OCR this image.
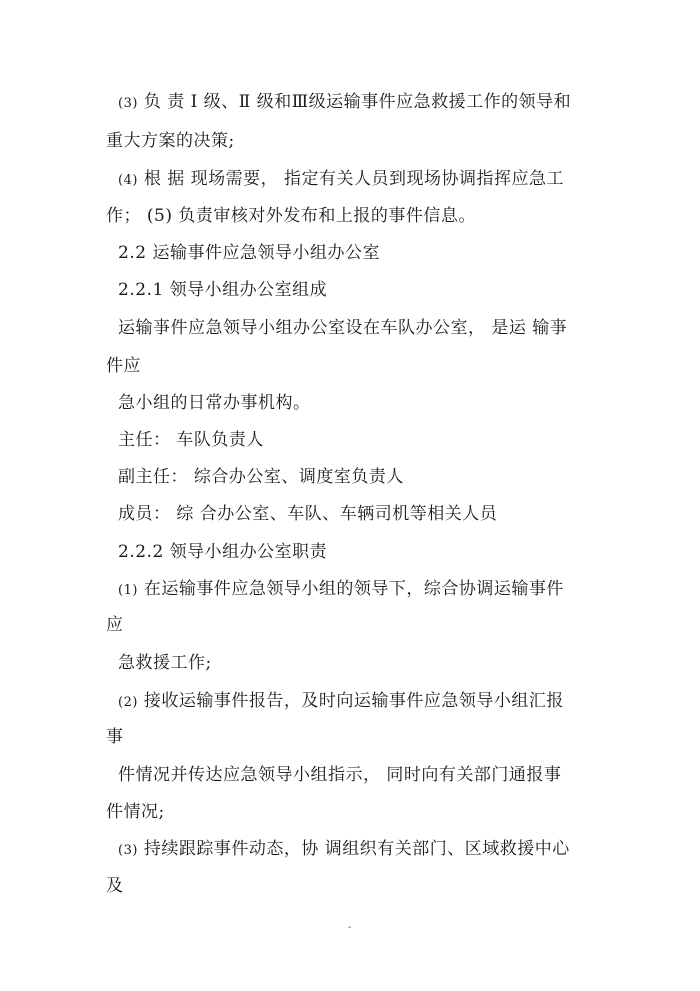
(3) 负 责 Ⅰ 级、Ⅱ 级和Ⅲ级运输事件应急救援工作的领导和
重大方案的决策;
(4) 根 据 现场需要， 指定有关人员到现场协调指挥应急工
作； (5) 负责审核对外发布和上报的事件信息。
2.2 运输事件应急领导小组办公室
2.2.1 领导小组办公室组成
运输亊件应急领导小组办公室设在车队办公室， 是运 输亊
件应
急小组的日常办事机构。
主任： 车队负责人
副主任： 综合办公室、调度室负责人
成员： 综 合办公室、车队、车辆司机等相关人员
2.2.2 领导小组办公室职责
(1) 在运输事件应急领导小组的领导下，综合协调运输事件
应
急救援工作;
(2) 接收运输事件报告，及时向运输事件应急领导小组汇报
事
件情况并传达应急领导小组指示， 同时向有关部门通报事
件情况;
(3) 持续跟踪事件动态，协 调组织有关部门、区域救援中心
及
-
